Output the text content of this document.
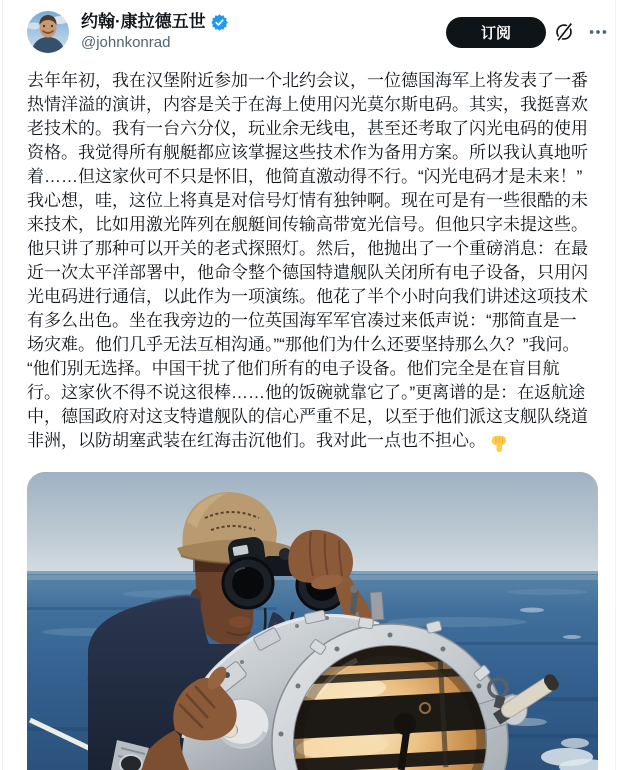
约翰·康拉德五世
@johnkonrad
订阅
去年年初，我在汉堡附近参加一个北约会议，一位德国海军上将发表了一番
热情洋溢的演讲，内容是关于在海上使用闪光莫尔斯电码。其实，我挺喜欢
老技术的。我有一台六分仪，玩业余无线电，甚至还考取了闪光电码的使用
资格。我觉得所有舰艇都应该掌握这些技术作为备用方案。所以我认真地听
着……但这家伙可不只是怀旧，他简直激动得不行。“闪光电码才是未来！”
我心想，哇，这位上将真是对信号灯情有独钟啊。现在可是有一些很酷的未
来技术，比如用激光阵列在舰艇间传输高带宽光信号。但他只字未提这些。
他只讲了那种可以开关的老式探照灯。然后，他抛出了一个重磅消息：在最
近一次太平洋部署中，他命令整个德国特遣舰队关闭所有电子设备，只用闪
光电码进行通信，以此作为一项演练。他花了半个小时向我们讲述这项技术
有多么出色。坐在我旁边的一位英国海军军官凑过来低声说：“那简直是一
场灾难。他们几乎无法互相沟通。”“那他们为什么还要坚持那么久？”我问。
“他们别无选择。中国干扰了他们所有的电子设备。他们完全是在盲目航
行。这家伙不得不说这很棒……他的饭碗就靠它了。”更离谱的是：在返航途
中，德国政府对这支特遣舰队的信心严重不足，以至于他们派这支舰队绕道
非洲，以防胡塞武装在红海击沉他们。我对此一点也不担心。
